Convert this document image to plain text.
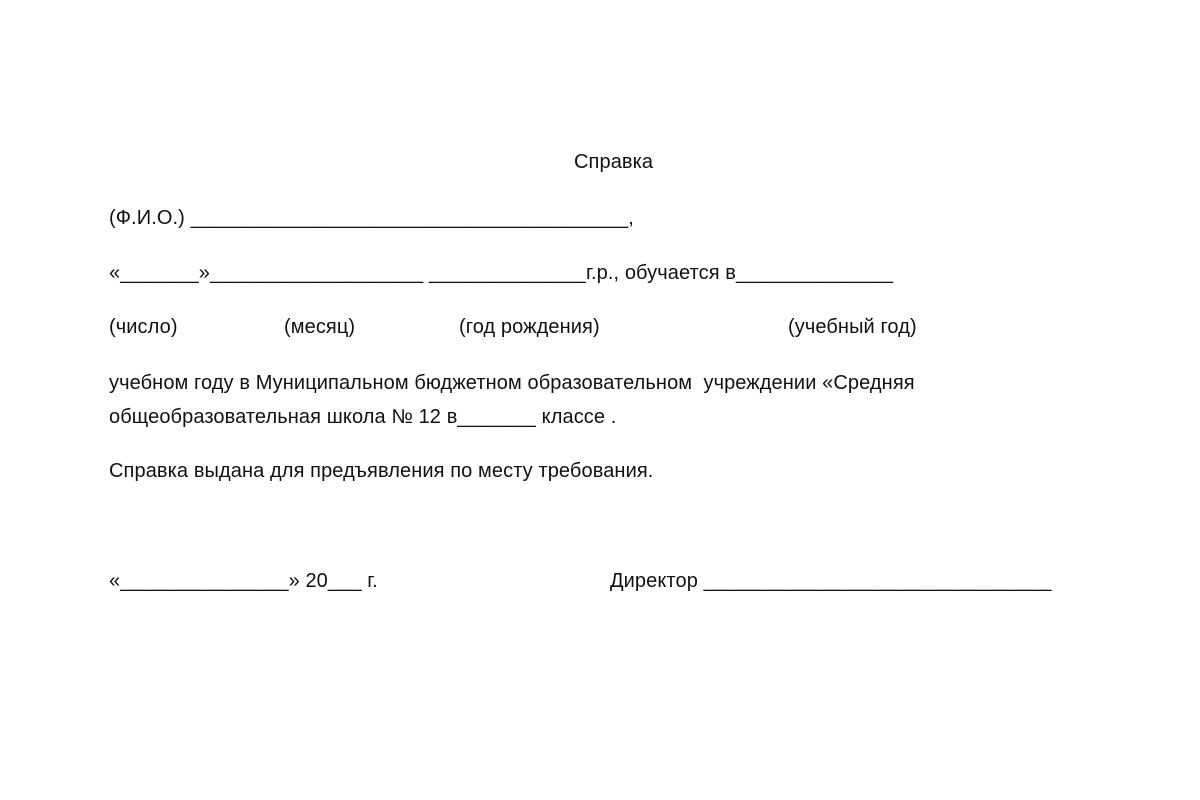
Справка
(Ф.И.О.) _______________________________________,
«_______»___________________ ______________г.р., обучается в______________
(число)	(месяц)	(год рождения)	(учебный год)
учебном году в Муниципальном бюджетном образовательном  учреждении «Средняя
общеобразовательная школа № 12 в_______ классе .
Справка выдана для предъявления по месту требования.
«_______________» 20___ г.	Директор _______________________________
